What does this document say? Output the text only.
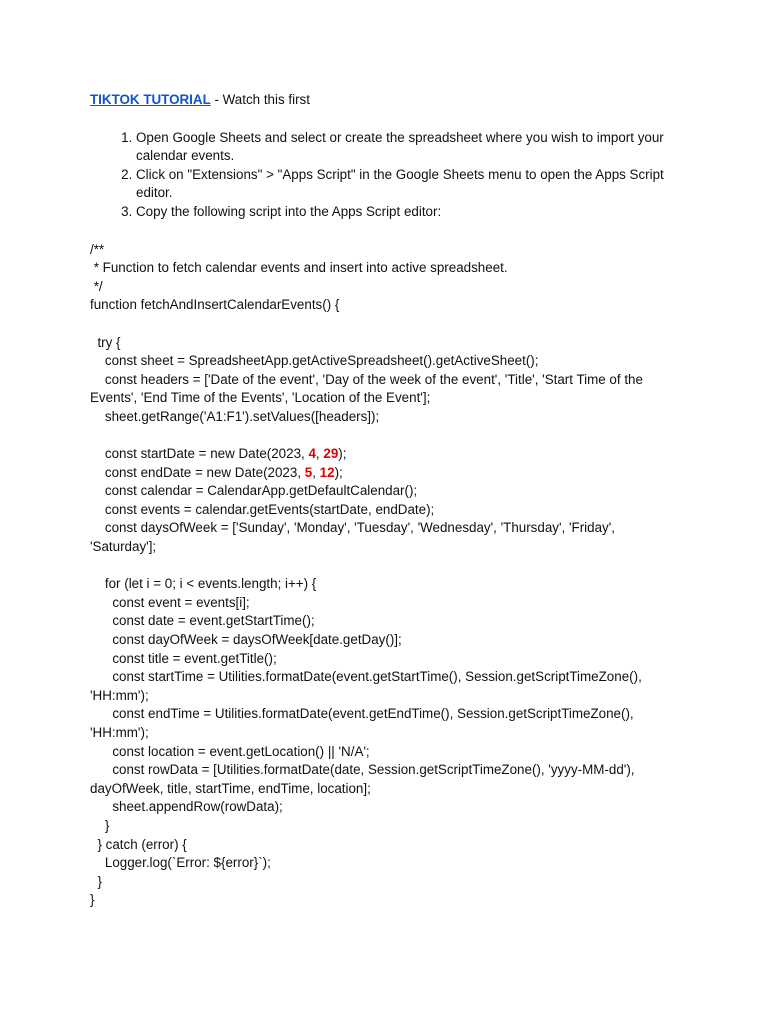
TIKTOK TUTORIAL - Watch this first
1. Open Google Sheets and select or create the spreadsheet where you wish to import your calendar events.
2. Click on "Extensions" > "Apps Script" in the Google Sheets menu to open the Apps Script editor.
3. Copy the following script into the Apps Script editor:
/**
* Function to fetch calendar events and insert into active spreadsheet.
*/
function fetchAndInsertCalendarEvents() {
try {
const sheet = SpreadsheetApp.getActiveSpreadsheet().getActiveSheet();
const headers = ['Date of the event', 'Day of the week of the event', 'Title', 'Start Time of the
Events', 'End Time of the Events', 'Location of the Event'];
sheet.getRange('A1:F1').setValues([headers]);
const startDate = new Date(2023, 4, 29);
const endDate = new Date(2023, 5, 12);
const calendar = CalendarApp.getDefaultCalendar();
const events = calendar.getEvents(startDate, endDate);
const daysOfWeek = ['Sunday', 'Monday', 'Tuesday', 'Wednesday', 'Thursday', 'Friday',
'Saturday'];
for (let i = 0; i < events.length; i++) {
const event = events[i];
const date = event.getStartTime();
const dayOfWeek = daysOfWeek[date.getDay()];
const title = event.getTitle();
const startTime = Utilities.formatDate(event.getStartTime(), Session.getScriptTimeZone(),
'HH:mm');
const endTime = Utilities.formatDate(event.getEndTime(), Session.getScriptTimeZone(),
'HH:mm');
const location = event.getLocation() || 'N/A';
const rowData = [Utilities.formatDate(date, Session.getScriptTimeZone(), 'yyyy-MM-dd'),
dayOfWeek, title, startTime, endTime, location];
sheet.appendRow(rowData);
}
} catch (error) {
Logger.log(`Error: ${error}`);
}
}
